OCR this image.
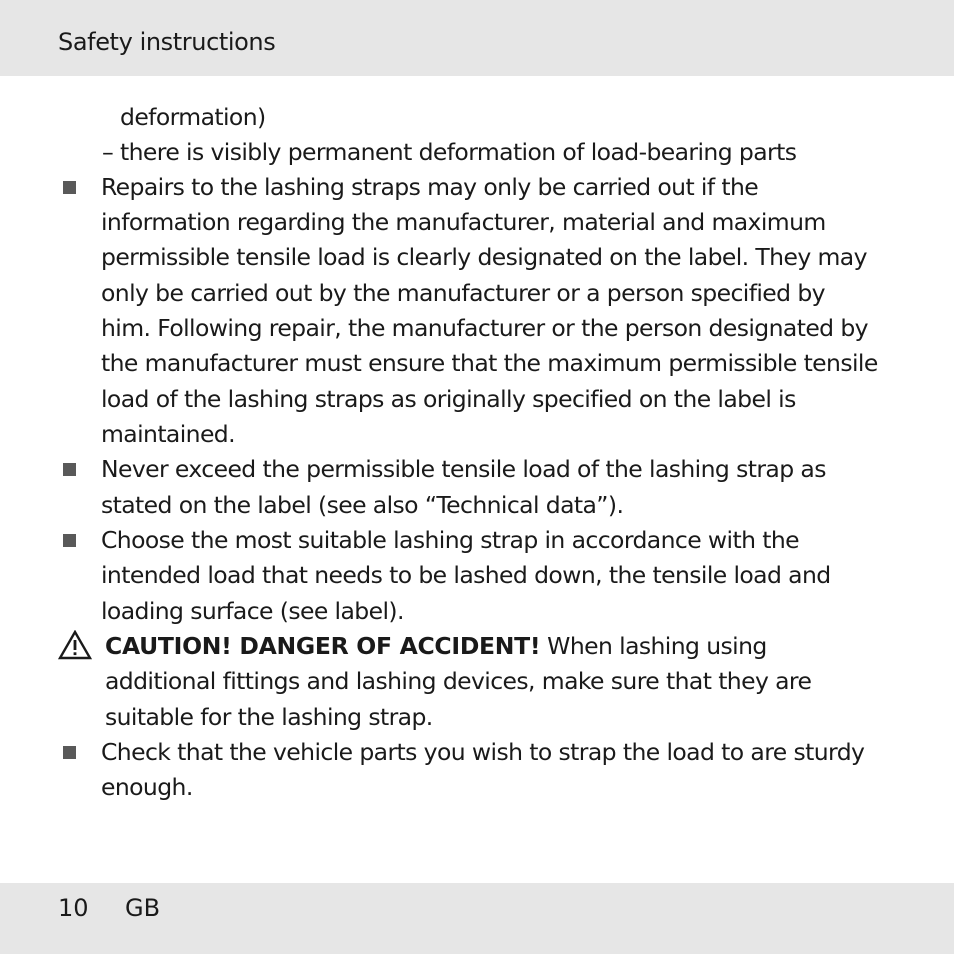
Safety instructions
deformation)
– there is visibly permanent deformation of load-bearing parts
Repairs to the lashing straps may only be carried out if the
information regarding the manufacturer, material and maximum
permissible tensile load is clearly designated on the label. They may
only be carried out by the manufacturer or a person specified by
him. Following repair, the manufacturer or the person designated by
the manufacturer must ensure that the maximum permissible tensile
load of the lashing straps as originally specified on the label is
maintained.
Never exceed the permissible tensile load of the lashing strap as
stated on the label (see also “Technical data”).
Choose the most suitable lashing strap in accordance with the
intended load that needs to be lashed down, the tensile load and
loading surface (see label).
CAUTION! DANGER OF ACCIDENT! When lashing using
additional fittings and lashing devices, make sure that they are
suitable for the lashing strap.
Check that the vehicle parts you wish to strap the load to are sturdy
enough.
10 GB
